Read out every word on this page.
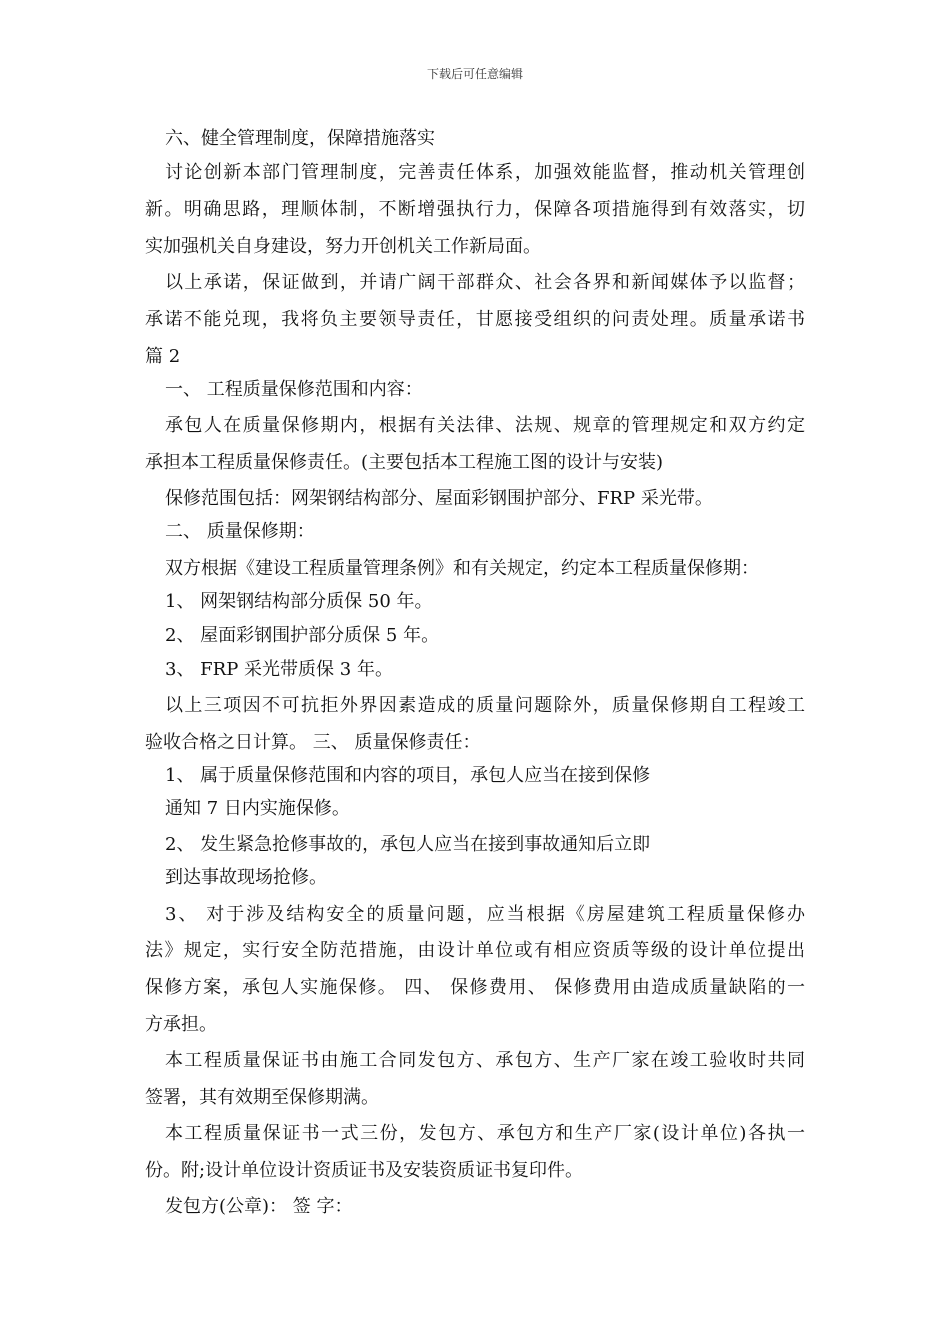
下载后可任意编辑
六、健全管理制度，保障措施落实
讨论创新本部门管理制度，完善责任体系，加强效能监督，推动机关管理创
新。明确思路，理顺体制，不断增强执行力，保障各项措施得到有效落实，切
实加强机关自身建设，努力开创机关工作新局面。
以上承诺，保证做到，并请广阔干部群众、社会各界和新闻媒体予以监督；
承诺不能兑现，我将负主要领导责任，甘愿接受组织的问责处理。质量承诺书
篇 2
一、 工程质量保修范围和内容：
承包人在质量保修期内，根据有关法律、法规、规章的管理规定和双方约定
承担本工程质量保修责任。(主要包括本工程施工图的设计与安装)
保修范围包括：网架钢结构部分、屋面彩钢围护部分、FRP 采光带。
二、 质量保修期：
双方根据《建设工程质量管理条例》和有关规定，约定本工程质量保修期：
1、 网架钢结构部分质保 50 年。
2、 屋面彩钢围护部分质保 5 年。
3、 FRP 采光带质保 3 年。
以上三项因不可抗拒外界因素造成的质量问题除外，质量保修期自工程竣工
验收合格之日计算。 三、 质量保修责任：
1、 属于质量保修范围和内容的项目，承包人应当在接到保修
通知 7 日内实施保修。
2、 发生紧急抢修事故的，承包人应当在接到事故通知后立即
到达事故现场抢修。
3、 对于涉及结构安全的质量问题，应当根据《房屋建筑工程质量保修办
法》规定，实行安全防范措施，由设计单位或有相应资质等级的设计单位提出
保修方案，承包人实施保修。 四、 保修费用、 保修费用由造成质量缺陷的一
方承担。
本工程质量保证书由施工合同发包方、承包方、生产厂家在竣工验收时共同
签署，其有效期至保修期满。
本工程质量保证书一式三份，发包方、承包方和生产厂家(设计单位)各执一
份。附;设计单位设计资质证书及安装资质证书复印件。
发包方(公章)： 签 字：
